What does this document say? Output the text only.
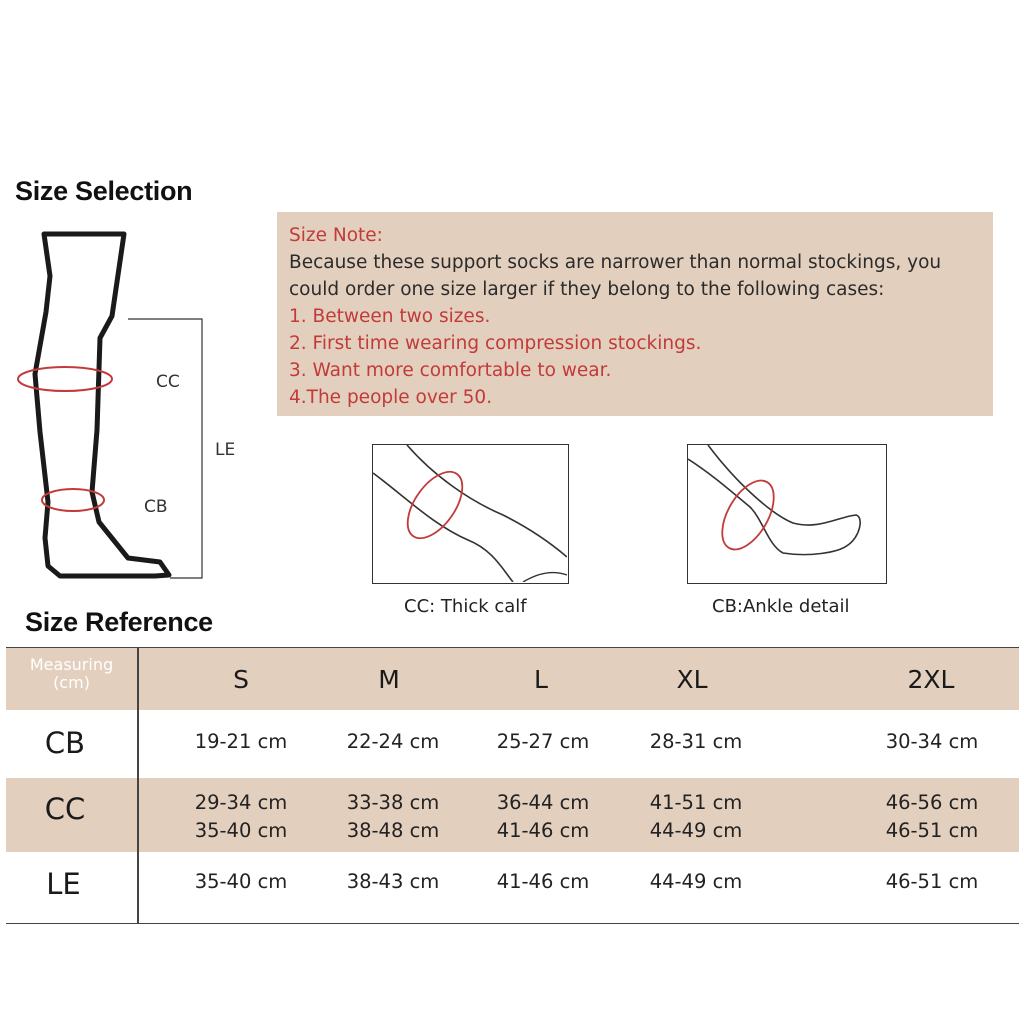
Size Selection
Size Reference
CC
LE
CB
Size Note:
Because these support socks are narrower than normal stockings, you
could order one size larger if they belong to the following cases:
1. Between two sizes.
2. First time wearing compression stockings.
3. Want more comfortable to wear.
4.The people over 50.
CC: Thick calf	CB:Ankle detail
Measuring
(cm)	S	M	L	XL	2XL
CB	19-21 cm	22-24 cm	25-27 cm	28-31 cm	30-34 cm
CC	29-34 cm	33-38 cm	36-44 cm	41-51 cm	46-56 cm
35-40 cm	38-48 cm	41-46 cm	44-49 cm	46-51 cm
LE	35-40 cm	38-43 cm	41-46 cm	44-49 cm	46-51 cm
